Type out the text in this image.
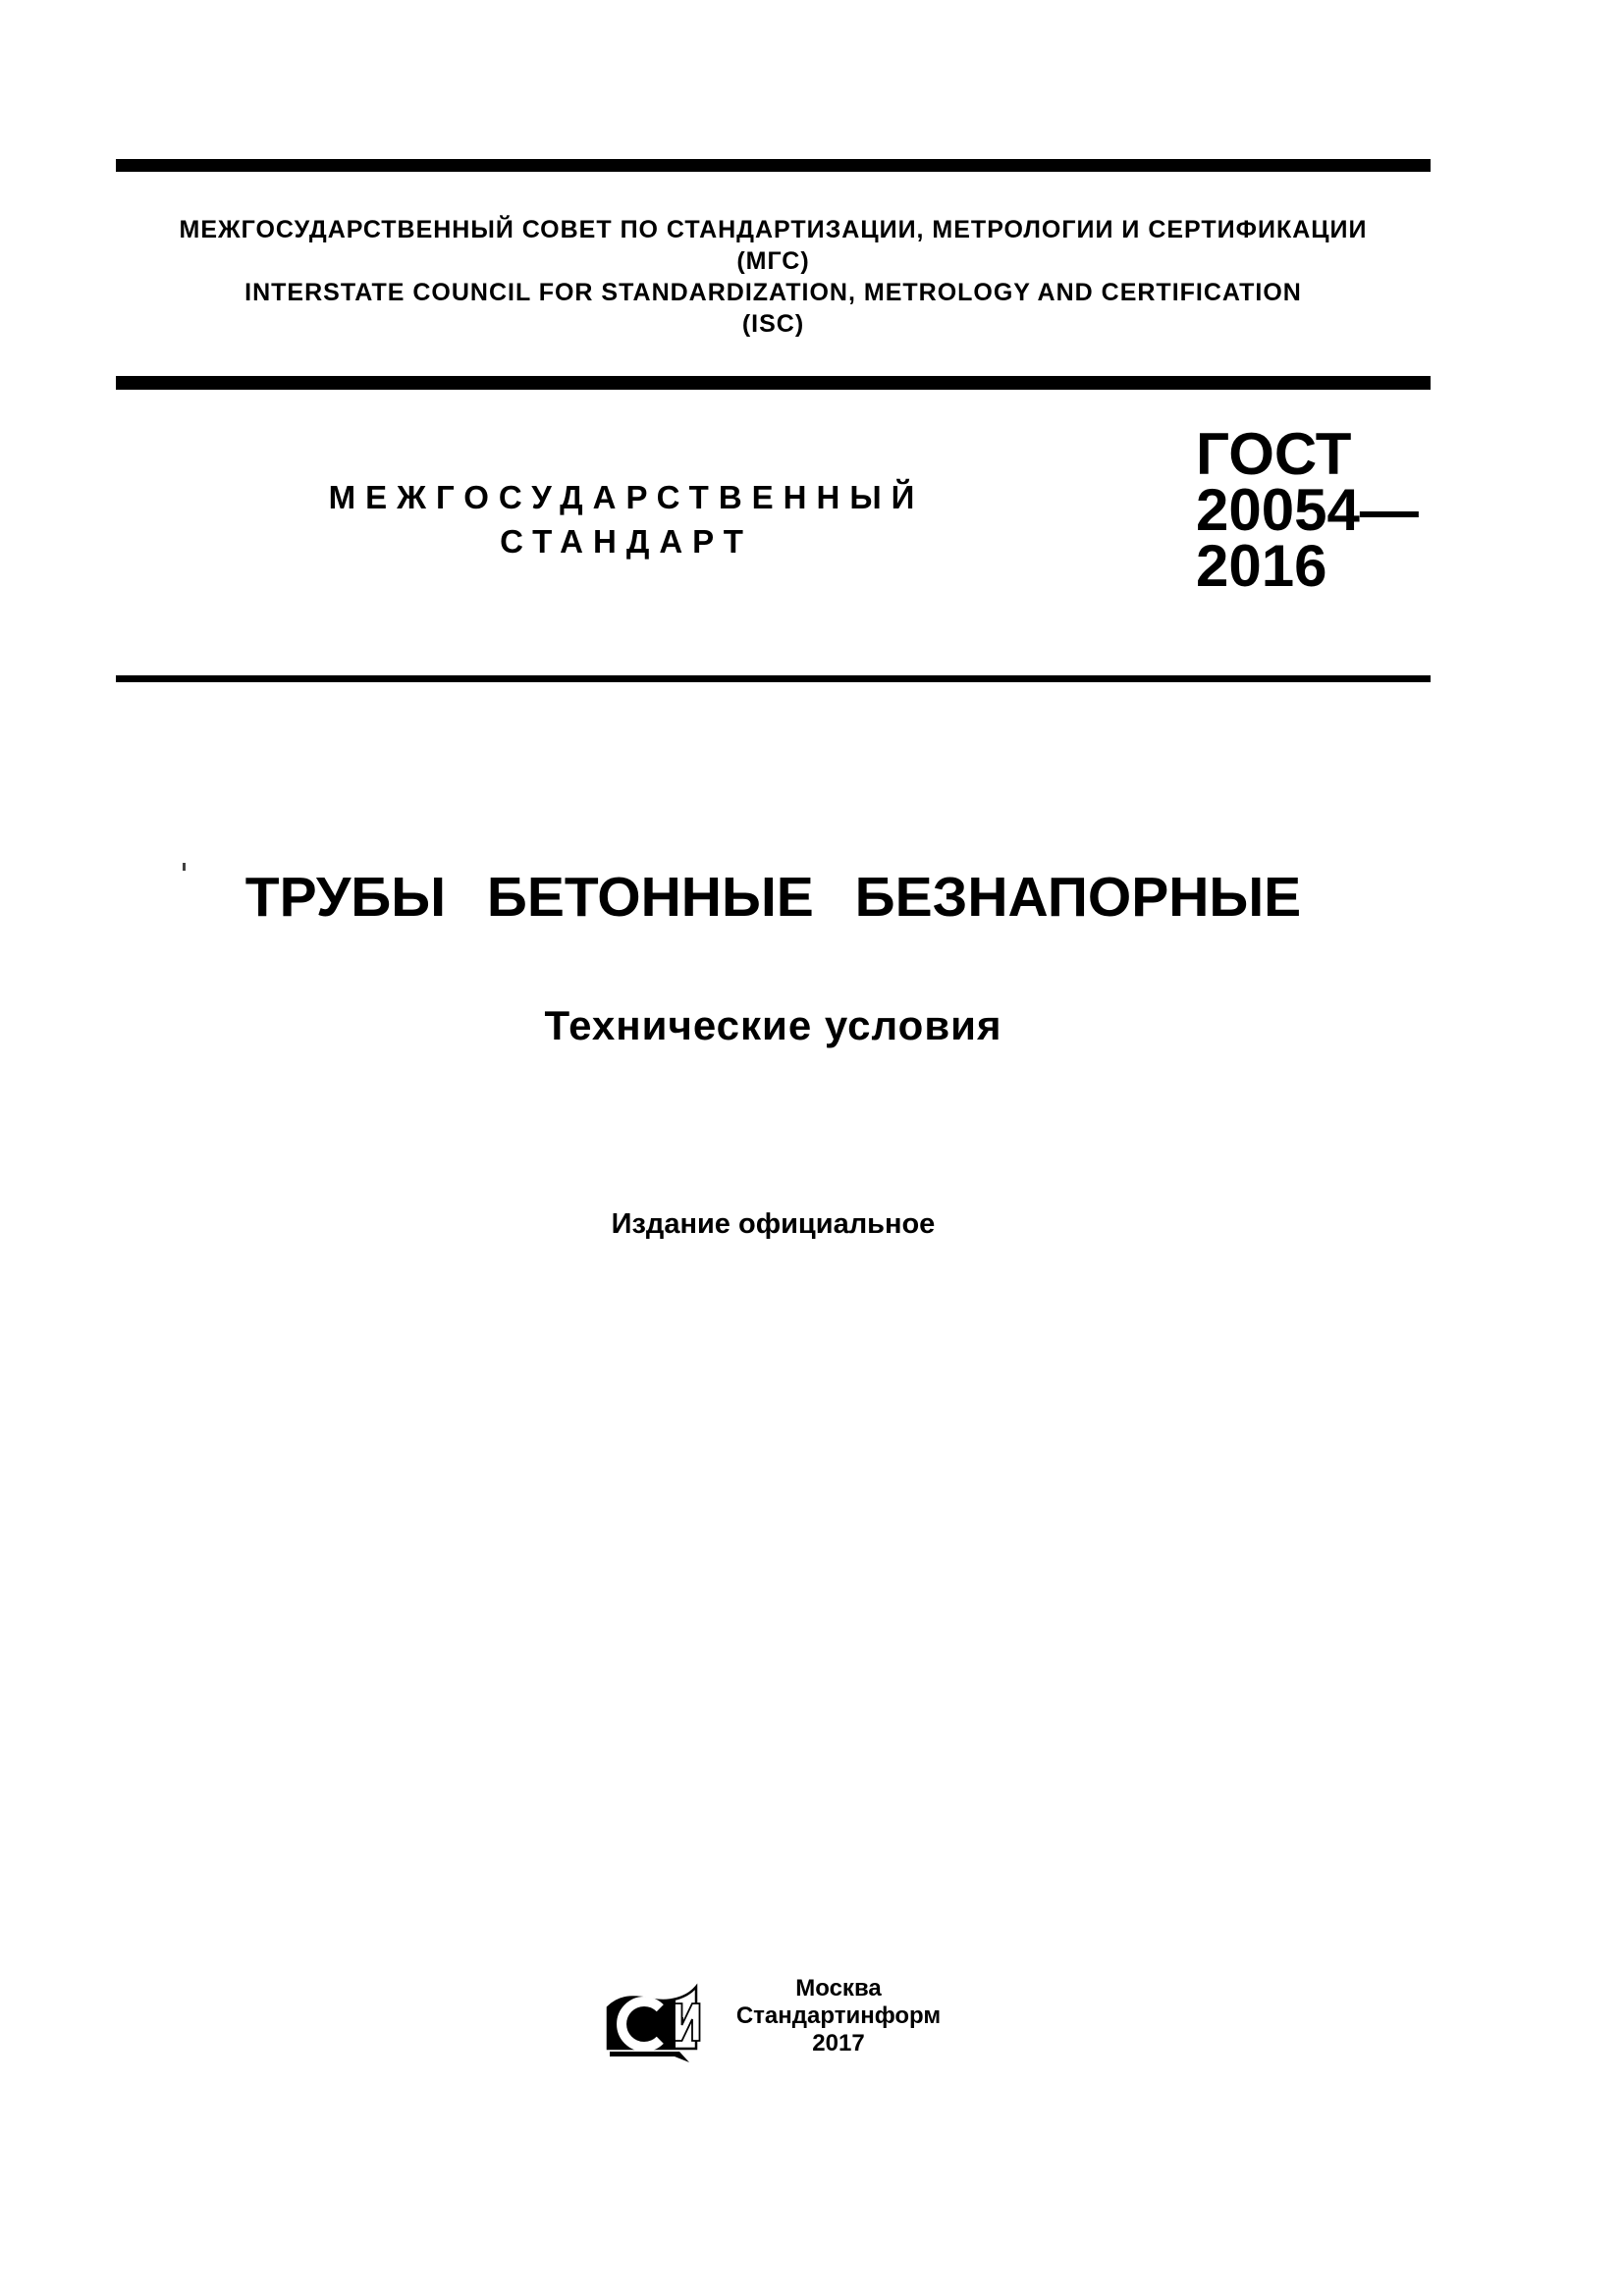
МЕЖГОСУДАРСТВЕННЫЙ СОВЕТ ПО СТАНДАРТИЗАЦИИ, МЕТРОЛОГИИ И СЕРТИФИКАЦИИ
(МГС)
INTERSTATE COUNCIL FOR STANDARDIZATION, METROLOGY AND CERTIFICATION
(ISC)
МЕЖГОСУДАРСТВЕННЫЙ
СТАНДАРТ
ГОСТ
20054—
2016
ТРУБЫ БЕТОННЫЕ БЕЗНАПОРНЫЕ
Технические условия
Издание официальное
Москва
Стандартинформ
2017
